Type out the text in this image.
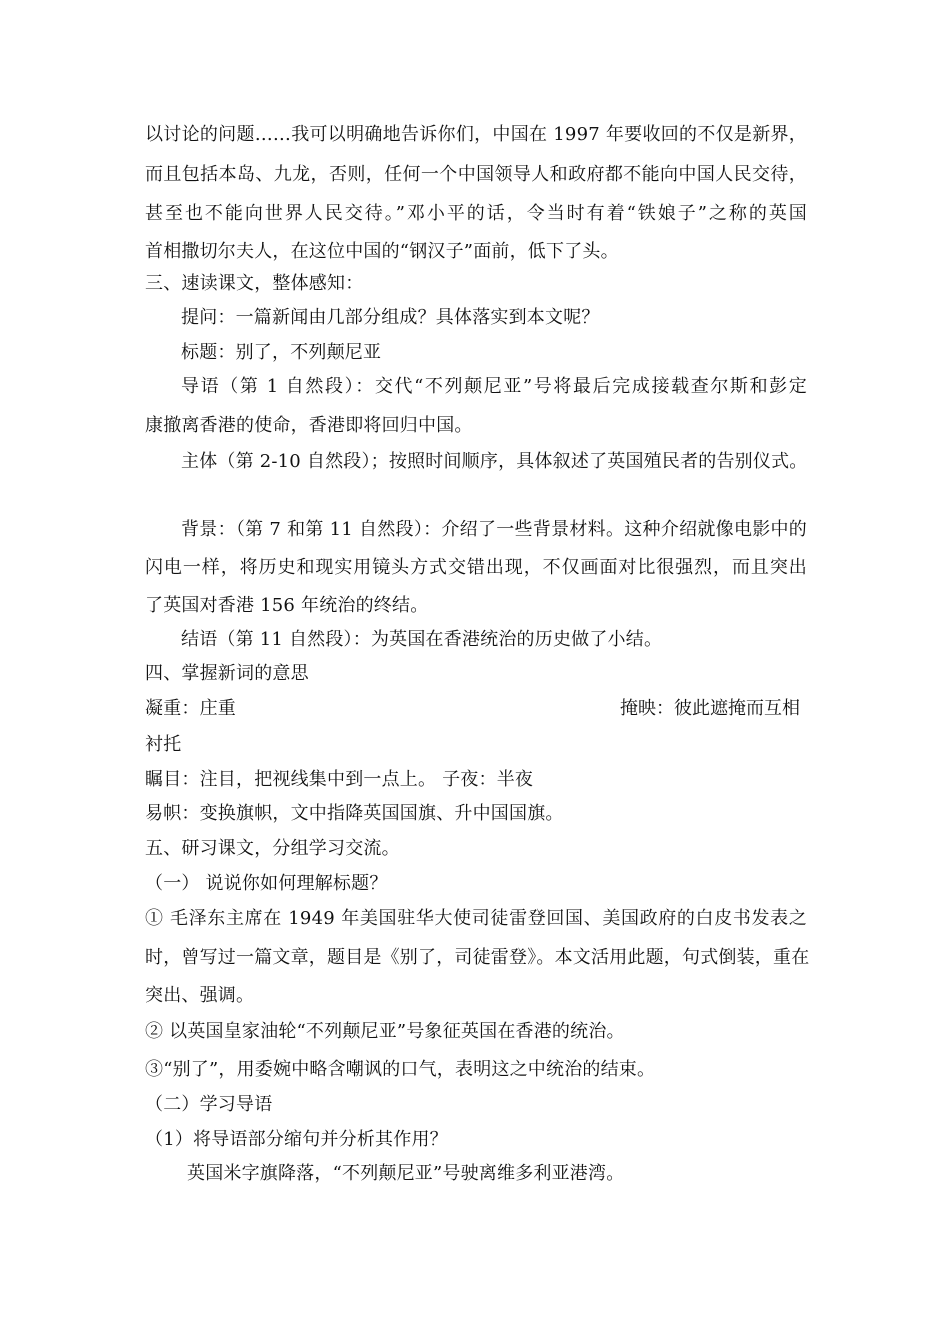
以讨论的问题……我可以明确地告诉你们，中国在 1997 年要收回的不仅是新界，
而且包括本岛、九龙，否则，任何一个中国领导人和政府都不能向中国人民交待，
甚至也不能向世界人民交待。”邓小平的话，令当时有着“铁娘子”之称的英国
首相撒切尔夫人，在这位中国的“钢汉子”面前，低下了头。
三、速读课文，整体感知：
提问：一篇新闻由几部分组成？具体落实到本文呢？
标题：别了，不列颠尼亚
导语（第 1 自然段）：交代“不列颠尼亚”号将最后完成接载查尔斯和彭定
康撤离香港的使命，香港即将回归中国。
主体（第 2-10 自然段）；按照时间顺序，具体叙述了英国殖民者的告别仪式。
背景：（第 7 和第 11 自然段）：介绍了一些背景材料。这种介绍就像电影中的
闪电一样，将历史和现实用镜头方式交错出现，不仅画面对比很强烈，而且突出
了英国对香港 156 年统治的终结。
结语（第 11 自然段）：为英国在香港统治的历史做了小结。
四、掌握新词的意思
凝重：庄重	掩映：彼此遮掩而互相
衬托
瞩目：注目，把视线集中到一点上。 子夜：半夜
易帜：变换旗帜，文中指降英国国旗、升中国国旗。
五、研习课文，分组学习交流。
（一） 说说你如何理解标题？
① 毛泽东主席在 1949 年美国驻华大使司徒雷登回国、美国政府的白皮书发表之
时，曾写过一篇文章，题目是《别了，司徒雷登》。本文活用此题，句式倒装，重在
突出、强调。
② 以英国皇家油轮“不列颠尼亚”号象征英国在香港的统治。
③“别了”，用委婉中略含嘲讽的口气，表明这之中统治的结束。
（二）学习导语
（1）将导语部分缩句并分析其作用？
英国米字旗降落，“不列颠尼亚”号驶离维多利亚港湾。
